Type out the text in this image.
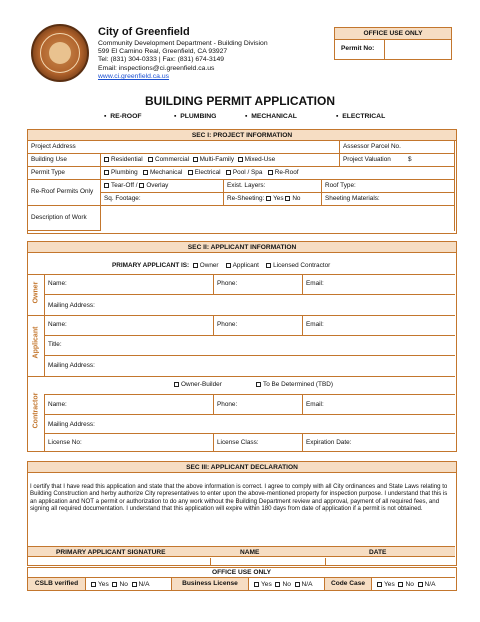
City of Greenfield
Community Development Department - Building Division
599 El Camino Real, Greenfield, CA 93927
Tel: (831) 304-0333 | Fax: (831) 674-3149
Email: inspections@ci.greenfield.ca.us
www.ci.greenfield.ca.us
OFFICE USE ONLY
Permit No:
BUILDING PERMIT APPLICATION
▪  RE-ROOF	▪  PLUMBING	▪  MECHANICAL	▪  ELECTRICAL
SEC I: PROJECT INFORMATION
Project Address	Assessor Parcel No.
Building Use	Residential Commercial Multi-Family Mixed-Use	Project Valuation	$
Permit Type	Plumbing Mechanical Electrical Pool / Spa Re-Roof
Re-Roof Permits Only
Tear-Off / Overlay	Exist. Layers:	Roof Type:
Sq. Footage:	Re-Sheeting: Yes No	Sheeting Materials:
Description of Work
SEC II: APPLICANT INFORMATION
PRIMARY APPLICANT IS: Owner Applicant Licensed Contractor
Owner Name:	Phone:	Email:
Mailing Address:
Applicant
Name:	Phone:	Email:
Title:
Mailing Address:
Owner-Builder	To Be Determined (TBD)
Contractor Name:	Phone:	Email:
Mailing Address:
License No:	License Class:	Expiration Date:
SEC III: APPLICANT DECLARATION
I certify that I have read this application and state that the above information is correct. I agree to comply with all City ordinances and State Laws relating to Building Construction and herby authorize City representatives to enter upon the above-mentioned property for inspection purpose. I understand that this is an application and NOT a permit or authorization to do any work without the Building Department review and approval, payment of all required fees, and signing all required documentation. I understand that this application will expire within 180 days from date of application if a permit is not obtained.
PRIMARY APPLICANT SIGNATURE	NAME	DATE
OFFICE USE ONLY
CSLB verified	Yes No N/A	Business License	Yes No N/A	Code Case	Yes No N/A
